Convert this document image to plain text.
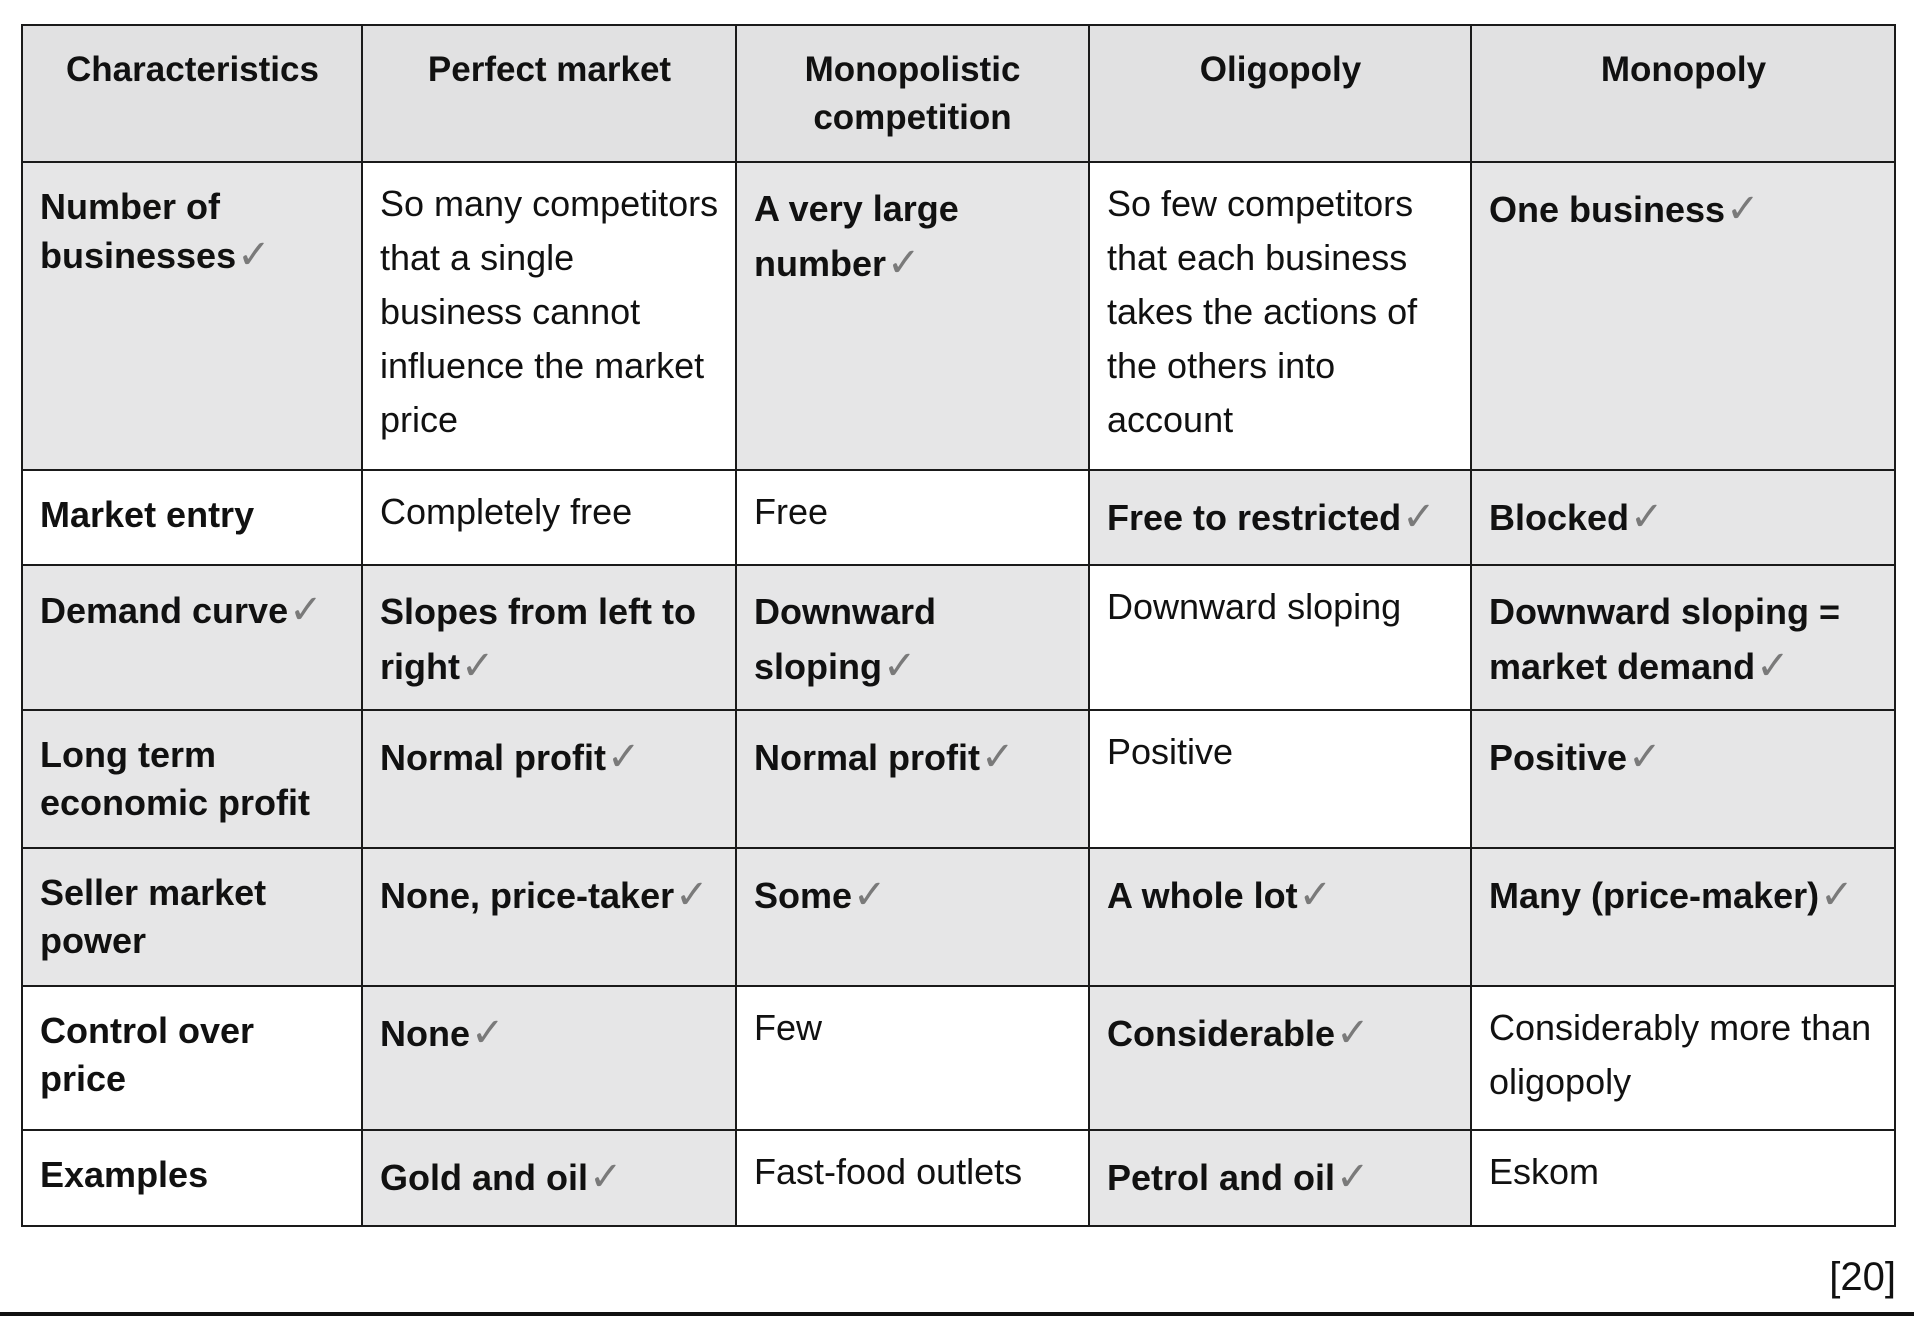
Characteristics	Perfect market	Monopolistic competition	Oligopoly	Monopoly
Number of businesses✓	So many competitors that a single business cannot influence the market price	A very large number✓	So few competitors that each business takes the actions of the others into account	One business✓
Market entry	Completely free	Free	Free to restricted✓	Blocked✓
Demand curve✓	Slopes from left to right✓	Downward sloping✓	Downward sloping	Downward sloping = market demand✓
Long term economic profit	Normal profit✓	Normal profit✓	Positive	Positive✓
Seller market power	None, price-taker✓	Some✓	A whole lot✓	Many (price-maker)✓
Control over price	None✓	Few	Considerable✓	Considerably more than oligopoly
Examples	Gold and oil✓	Fast-food outlets	Petrol and oil✓	Eskom
[20]
